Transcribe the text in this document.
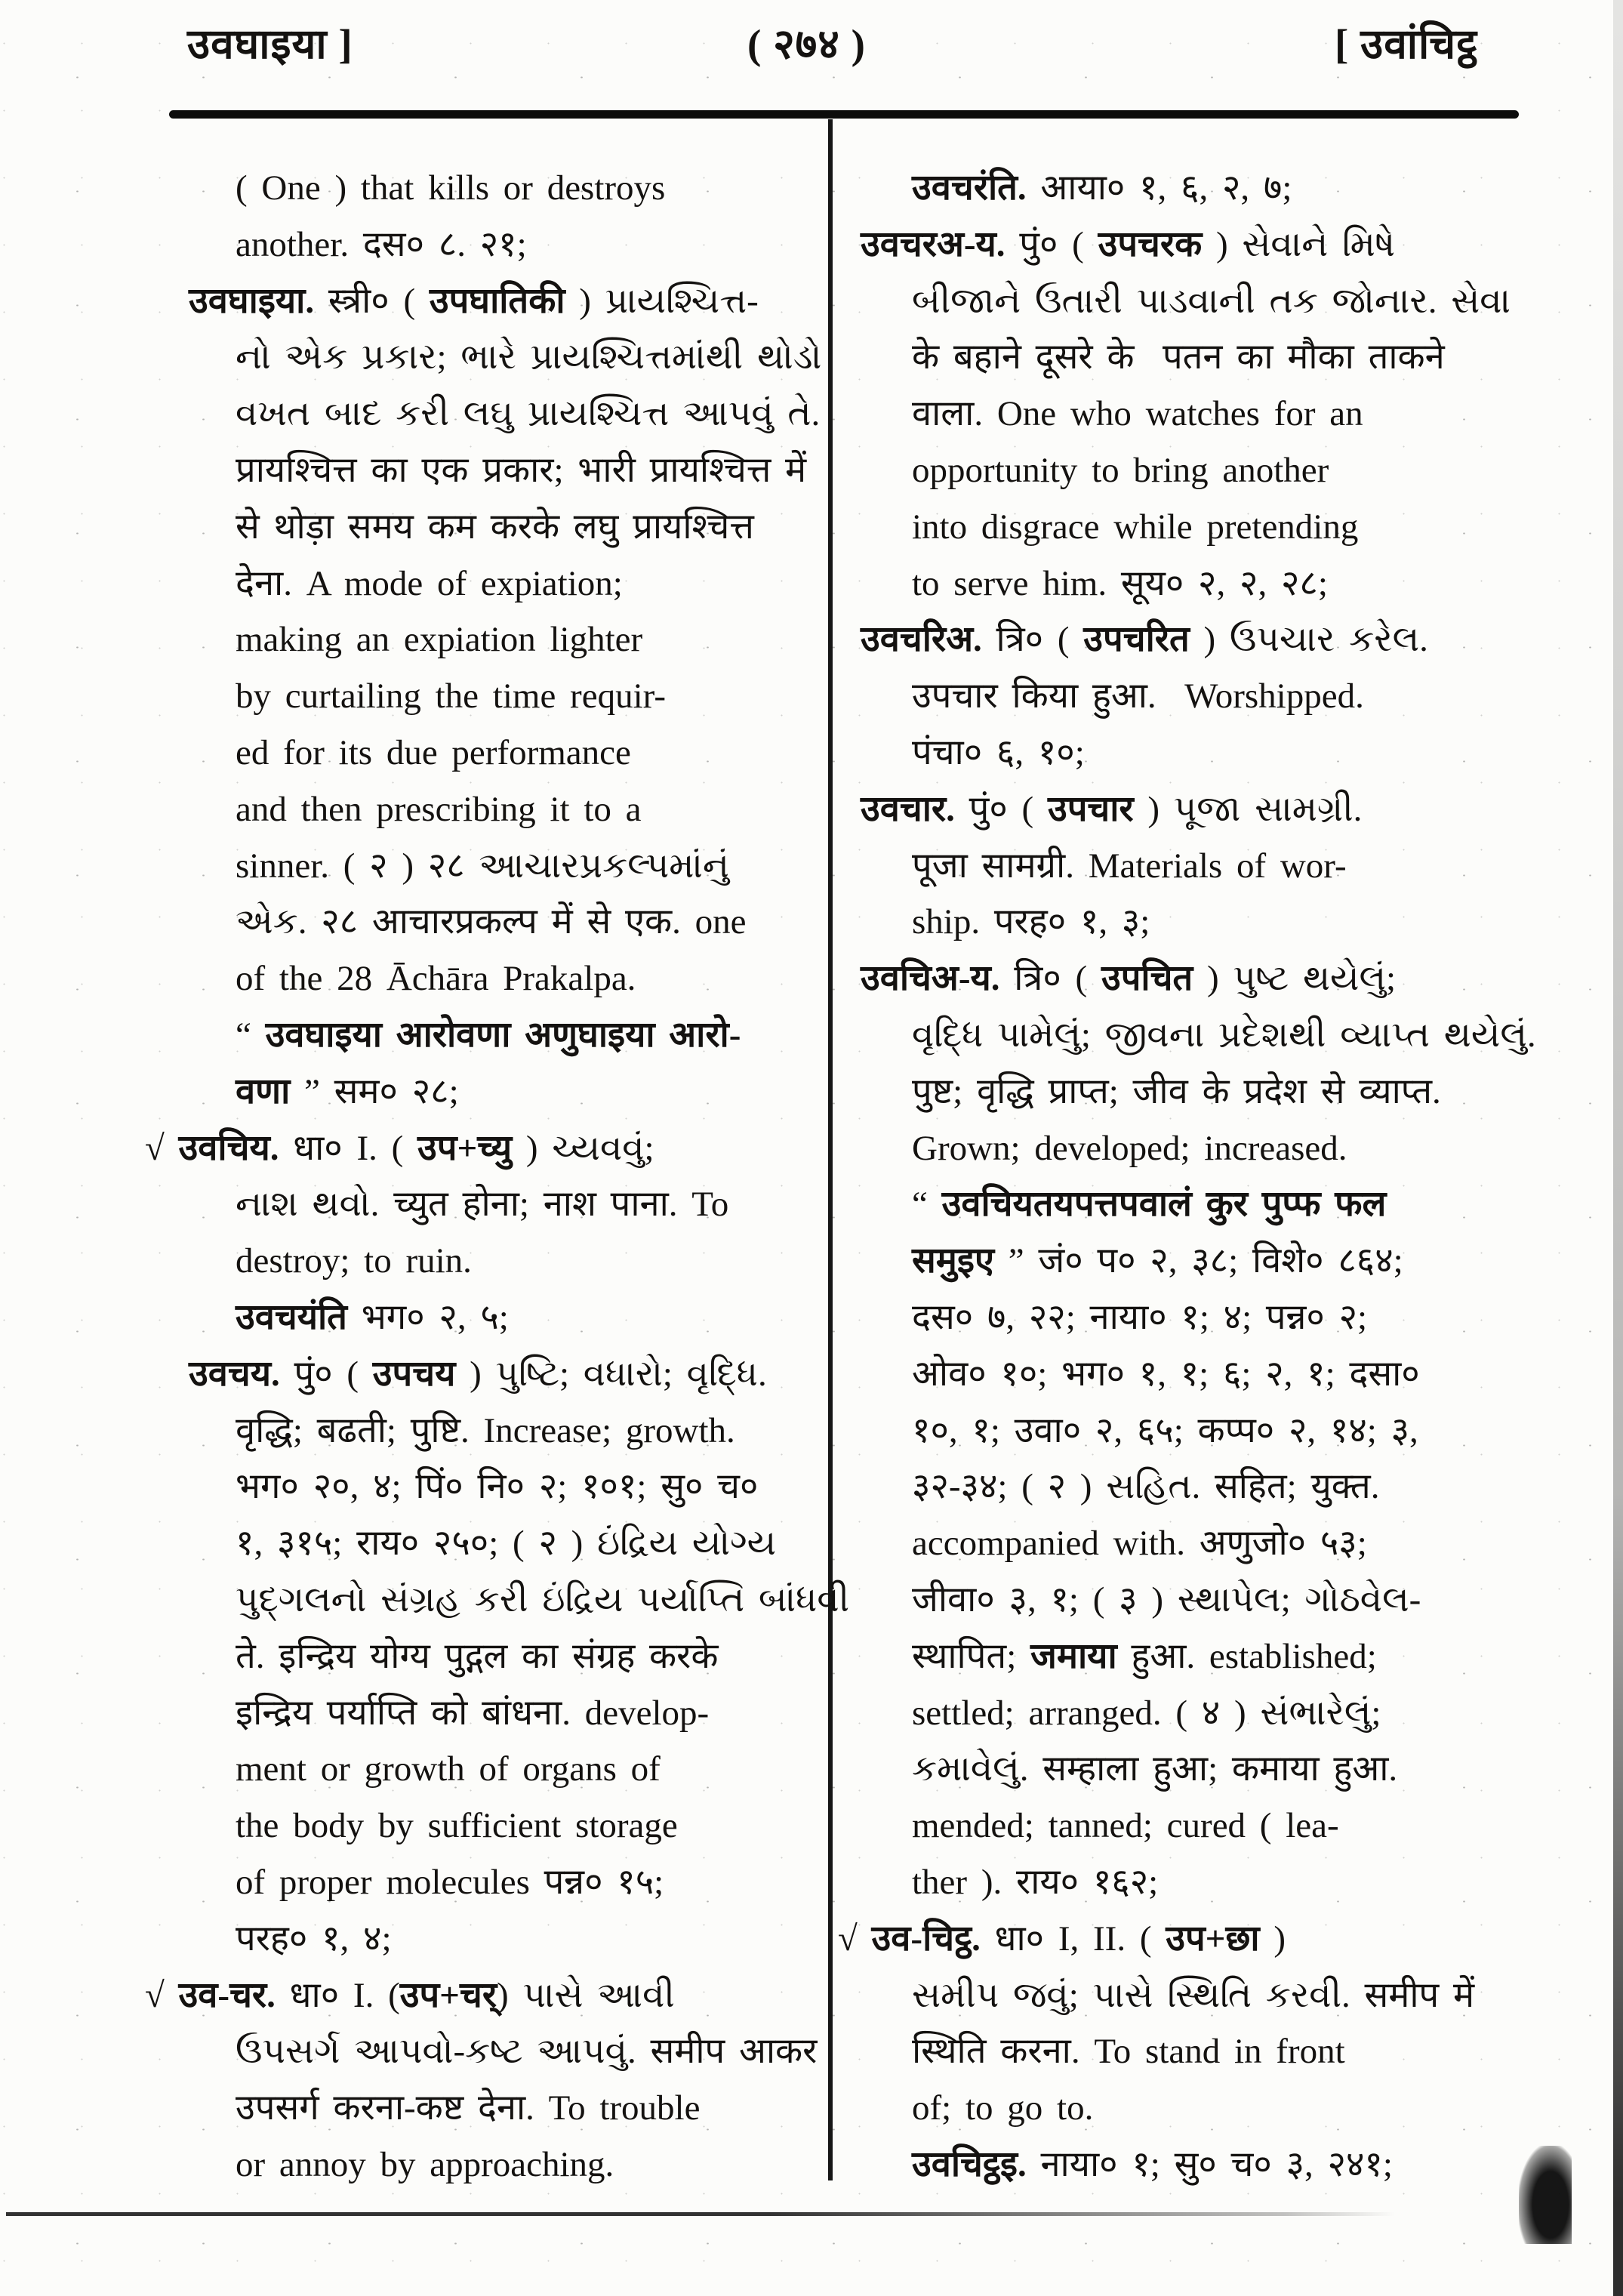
उवघाइया ]	( २७४ )	[ उवांचिट्ठ
( One ) that kills or destroys
another. दस० ८. २१;
उवघाइया. स्त्री० ( उपघातिकी ) પ્રાયશ્ચિત્ત-
નો એક પ્રકાર; ભારે પ્રાયશ્ચિત્તમાંથી થોડો
વખત બાદ કરી લઘુ પ્રાયશ્ચિત્ત આપવું તે.
प्रायश्चित्त का एक प्रकार; भारी प्रायश्चित्त में
से थोड़ा समय कम करके लघु प्रायश्चित्त
देना. A mode of expiation;
making an expiation lighter
by curtailing the time requir-
ed for its due performance
and then prescribing it to a
sinner. ( २ ) २८ આચારપ્રકલ્પમાંનું
એક. २८ आचारप्रकल्प में से एक. one
of the 28 Āchāra Prakalpa.
“ उवघाइया आरोवणा अणुघाइया आरो-
वणा ” सम० २८;
√ उवचिय. धा० I. ( उप+च्यु ) ચ્યવવું;
નાશ થવો. च्युत होना; नाश पाना. To
destroy; to ruin.
उवचयंति भग० २, ५;
उवचय. पुं० ( उपचय ) પુષ્ટિ; વધારો; વૃદ્ધિ.
वृद्धि; बढती; पुष्टि. Increase; growth.
भग० २०, ४; पिं० नि० २; १०१; सु० च०
१, ३१५; राय० २५०; ( २ ) ઇંદ્રિય યોગ્ય
પુદ્ગલનો સંગ્રહ કરી ઇંદ્રિય પર્યાપ્તિ બાંધવી
ते. इन्द्रिय योग्य पुद्गल का संग्रह करके
इन्द्रिय पर्याप्ति को बांधना. develop-
ment or growth of organs of
the body by sufficient storage
of proper molecules पन्न० १५;
परह० १, ४;
√ उव-चर. धा० I. (उप+चर्) પાસે આવી
ઉપસર્ગ આપવો-કષ્ટ આપવું. समीप आकर
उपसर्ग करना-कष्ट देना. To trouble
or annoy by approaching.
उवचरंति. आया० १, ६, २, ७;
उवचरअ-य. पुं० ( उपचरक ) સેવાને મિષે
બીજાને ઉતારી પાડવાની તક જોનાર. સેવા
के बहाने दूसरे के  पतन का मौका ताकने
वाला. One who watches for an
opportunity to bring another
into disgrace while pretending
to serve him. सूय० २, २, २८;
उवचरिअ. त्रि० ( उपचरित ) ઉપચાર કરેલ.
उपचार किया हुआ.  Worshipped.
पंचा० ६, १०;
उवचार. पुं० ( उपचार ) પૂજા સામગ્રી.
पूजा सामग्री. Materials of wor-
ship. परह० १, ३;
उवचिअ-य. त्रि० ( उपचित ) પુષ્ટ થયેલું;
વૃદ્ધિ પામેલું; જીવના પ્રદેશથી વ્યાપ્ત થયેલું.
पुष्ट; वृद्धि प्राप्त; जीव के प्रदेश से व्याप्त.
Grown; developed; increased.
“ उवचियतयपत्तपवालं कुर पुप्फ फल
समुइए ” जं० प० २, ३८; विशे० ८६४;
दस० ७, २२; नाया० १; ४; पन्न० २;
ओव० १०; भग० १, १; ६; २, १; दसा०
१०, १; उवा० २, ६५; कप्प० २, १४; ३,
३२-३४; ( २ ) સહિત. सहित; युक्त.
accompanied with. अणुजो० ५३;
जीवा० ३, १; ( ३ ) સ્થાપેલ; ગોઠવેલ-
स्थापित; जमाया हुआ. established;
settled; arranged. ( ४ ) સંભારેલું;
કમાવેલું. सम्हाला हुआ; कमाया हुआ.
mended; tanned; cured ( lea-
ther ). राय० १६२;
√ उव-चिट्ठ. धा० I, II. ( उप+छा )
સમીપ જવું; પાસે સ્થિતિ કરવી. समीप में
स्थिति करना. To stand in front
of; to go to.
उवचिट्ठइ. नाया० १; सु० च० ३, २४१;
